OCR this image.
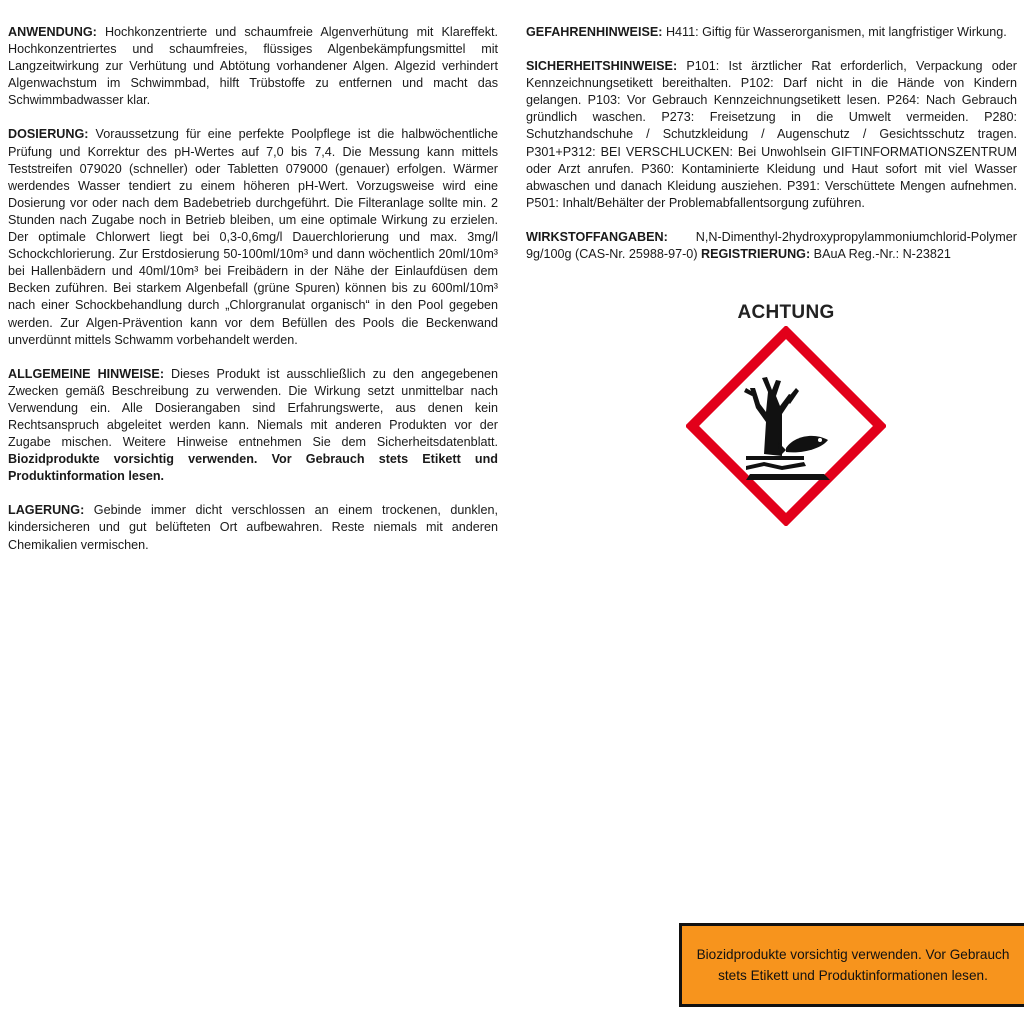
ANWENDUNG: Hochkonzentrierte und schaumfreie Algenverhütung mit Klareffekt. Hochkonzentriertes und schaumfreies, flüssiges Algenbekämpfungsmittel mit Langzeitwirkung zur Verhütung und Abtötung vorhandener Algen. Algezid verhindert Algenwachstum im Schwimmbad, hilft Trübstoffe zu entfernen und macht das Schwimmbadwasser klar.

DOSIERUNG: Voraussetzung für eine perfekte Poolpflege ist die halbwöchentliche Prüfung und Korrektur des pH-Wertes auf 7,0 bis 7,4. Die Messung kann mittels Teststreifen 079020 (schneller) oder Tabletten 079000 (genauer) erfolgen. Wärmer werdendes Wasser tendiert zu einem höheren pH-Wert. Vorzugsweise wird eine Dosierung vor oder nach dem Badebetrieb durchgeführt. Die Filteranlage sollte min. 2 Stunden nach Zugabe noch in Betrieb bleiben, um eine optimale Wirkung zu erzielen. Der optimale Chlorwert liegt bei 0,3-0,6mg/l Dauerchlorierung und max. 3mg/l Schockchlorierung. Zur Erstdosierung 50-100ml/10m³ und dann wöchentlich 20ml/10m³ bei Hallenbädern und 40ml/10m³ bei Freibädern in der Nähe der Einlaufdüsen dem Becken zuführen. Bei starkem Algenbefall (grüne Spuren) können bis zu 600ml/10m³ nach einer Schockbehandlung durch „Chlorgranulat organisch“ in den Pool gegeben werden. Zur Algen-Prävention kann vor dem Befüllen des Pools die Beckenwand unverdünnt mittels Schwamm vorbehandelt werden.

ALLGEMEINE HINWEISE: Dieses Produkt ist ausschließlich zu den angegebenen Zwecken gemäß Beschreibung zu verwenden. Die Wirkung setzt unmittelbar nach Verwendung ein. Alle Dosierangaben sind Erfahrungswerte, aus denen kein Rechtsanspruch abgeleitet werden kann. Niemals mit anderen Produkten vor der Zugabe mischen. Weitere Hinweise entnehmen Sie dem Sicherheitsdatenblatt. Biozidprodukte vorsichtig verwenden. Vor Gebrauch stets Etikett und Produktinformation lesen.

LAGERUNG: Gebinde immer dicht verschlossen an einem trockenen, dunklen, kindersicheren und gut belüfteten Ort aufbewahren. Reste niemals mit anderen Chemikalien vermischen.

GEFAHRENHINWEISE: H411: Giftig für Wasserorganismen, mit langfristiger Wirkung.

SICHERHEITSHINWEISE: P101: Ist ärztlicher Rat erforderlich, Verpackung oder Kennzeichnungsetikett bereithalten. P102: Darf nicht in die Hände von Kindern gelangen. P103: Vor Gebrauch Kennzeichnungsetikett lesen. P264: Nach Gebrauch gründlich waschen. P273: Freisetzung in die Umwelt vermeiden. P280: Schutzhandschuhe / Schutzkleidung / Augenschutz / Gesichtsschutz tragen. P301+P312: BEI VERSCHLUCKEN: Bei Unwohlsein GIFTINFORMATIONSZENTRUM oder Arzt anrufen. P360: Kontaminierte Kleidung und Haut sofort mit viel Wasser abwaschen und danach Kleidung ausziehen. P391: Verschüttete Mengen aufnehmen. P501: Inhalt/Behälter der Problemabfallentsorgung zuführen.

WIRKSTOFFANGABEN:      N,N-Dimenthyl-2hydroxypropylammoniumchlorid-Polymer 9g/100g (CAS-Nr. 25988-97-0) REGISTRIERUNG: BAuA Reg.-Nr.: N-23821

ACHTUNG
Biozidprodukte vorsichtig verwenden. Vor Gebrauch stets Etikett und Produktinformationen lesen.
